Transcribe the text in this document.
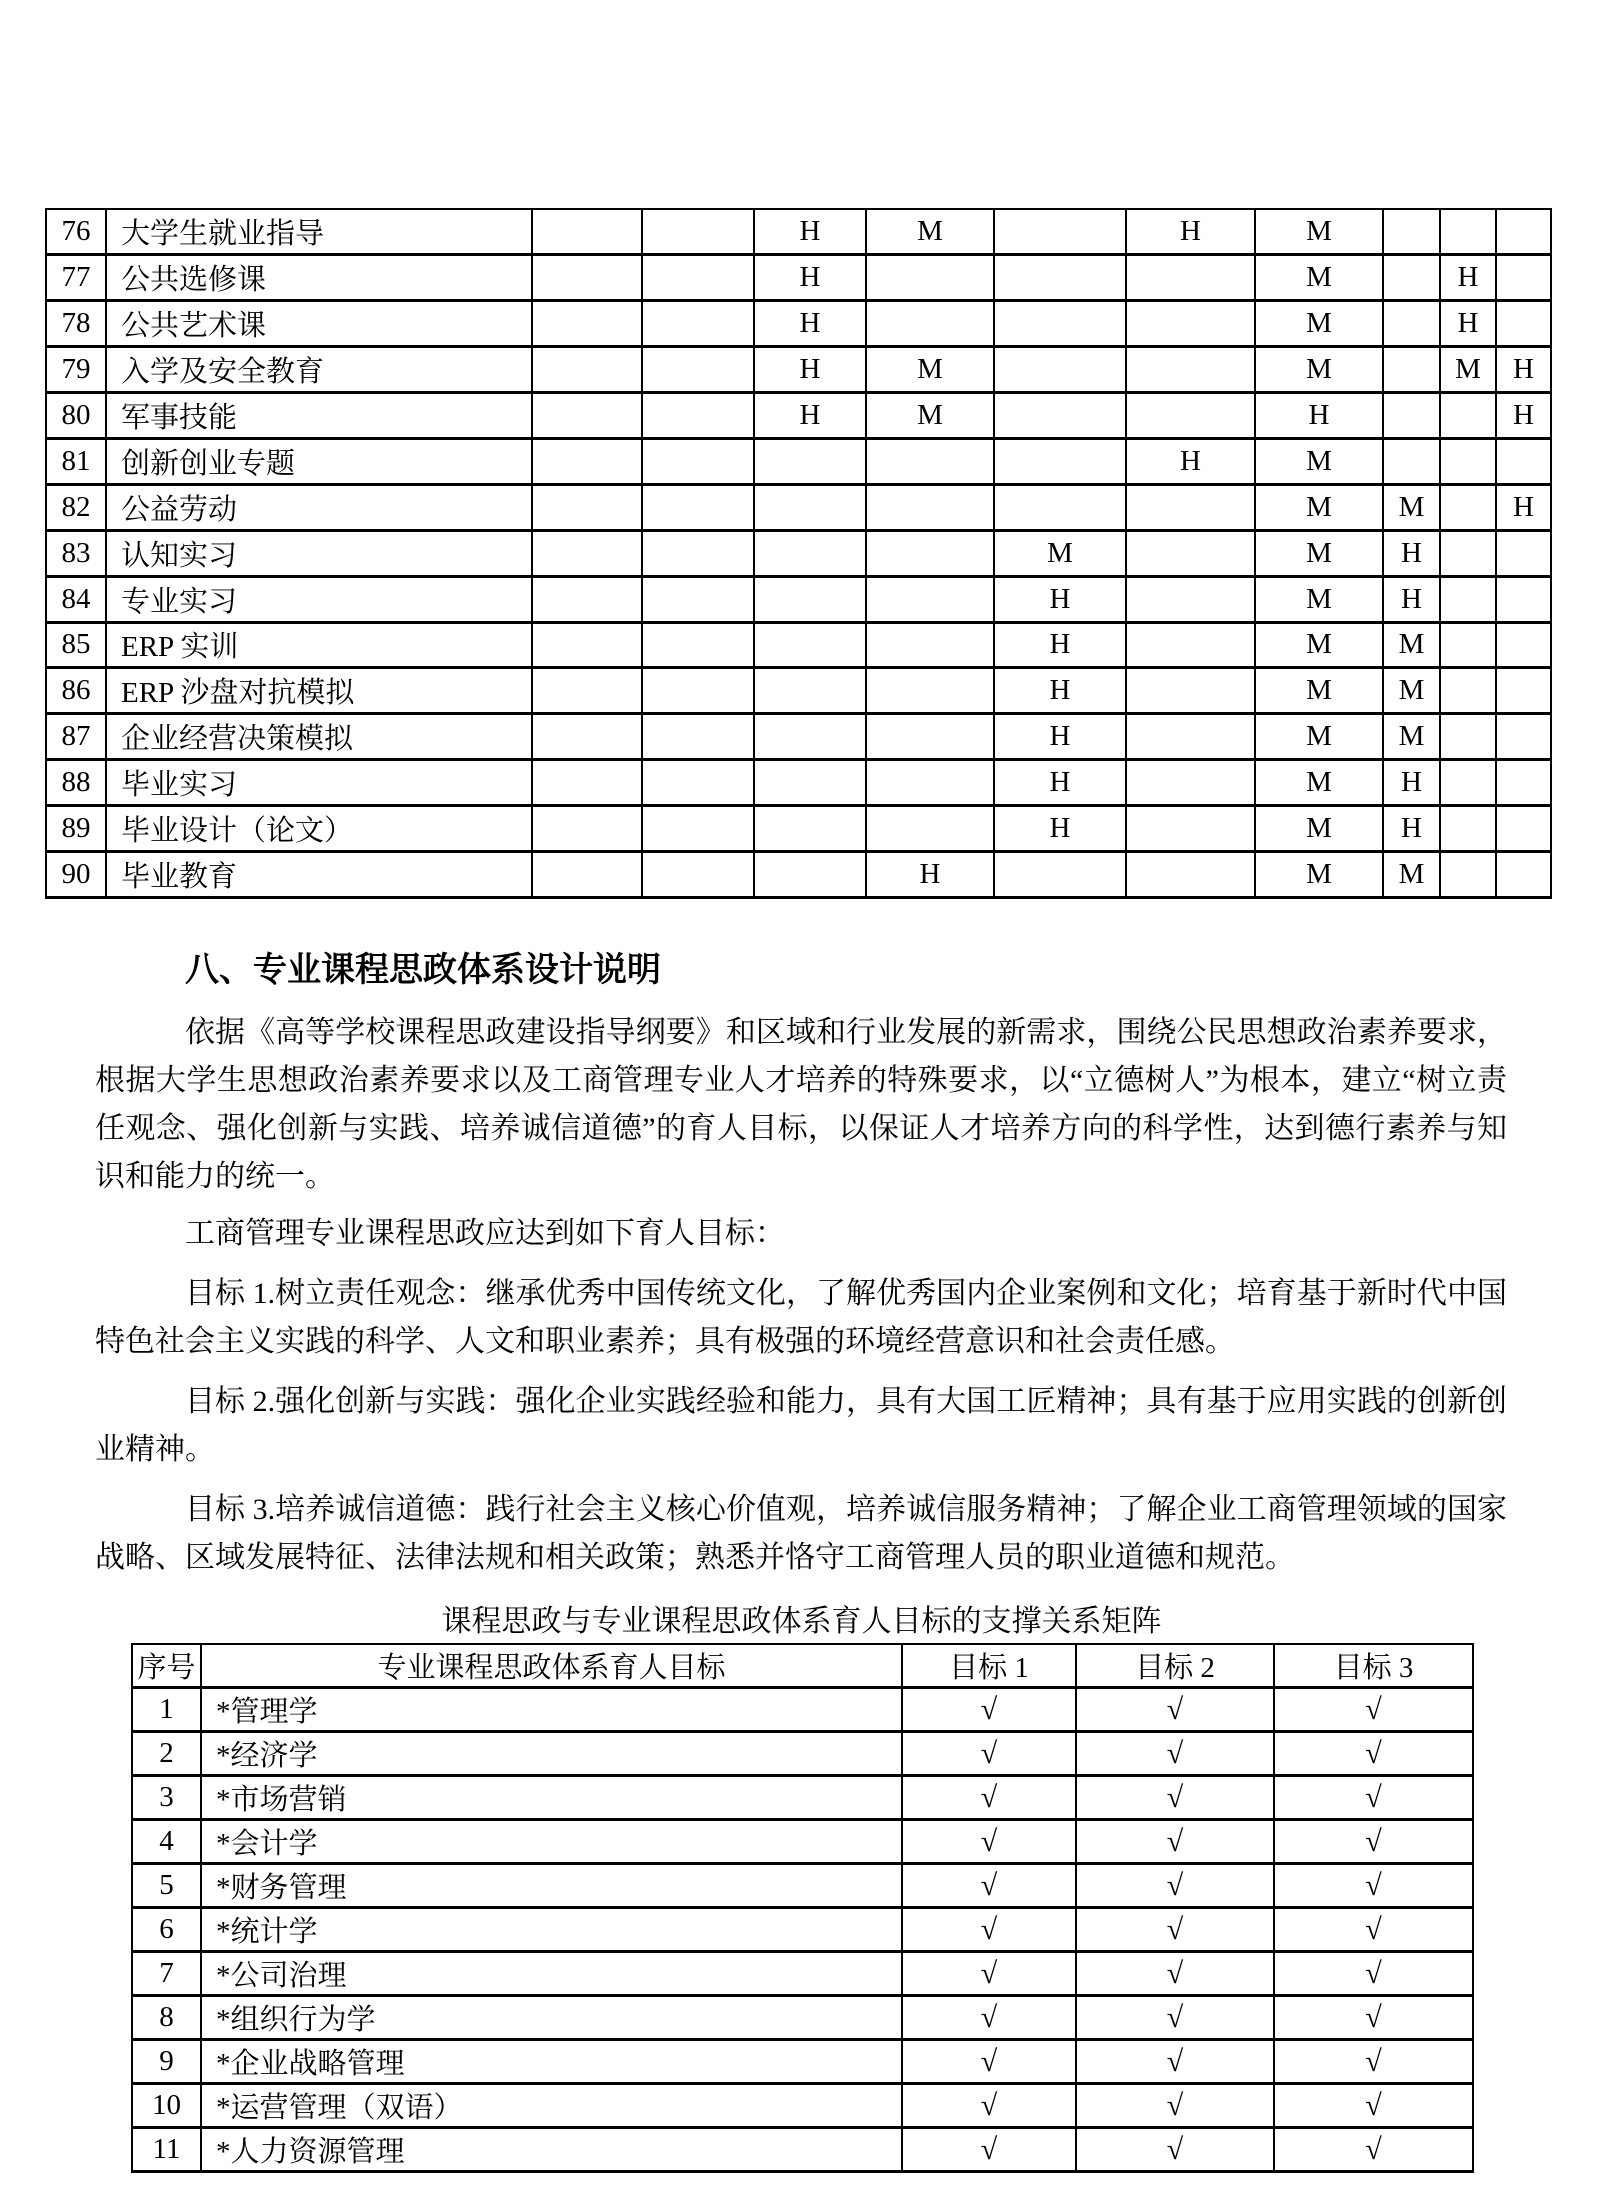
76	大学生就业指导			H	M		H	M			
77	公共选修课			H				M		H	
78	公共艺术课			H				M		H	
79	入学及安全教育			H	M			M		M	H
80	军事技能			H	M			H			H
81	创新创业专题						H	M			
82	公益劳动							M	M		H
83	认知实习					M		M	H		
84	专业实习					H		M	H		
85	ERP 实训					H		M	M		
86	ERP 沙盘对抗模拟					H		M	M		
87	企业经营决策模拟					H		M	M		
88	毕业实习					H		M	H		
89	毕业设计（论文）					H		M	H		
90	毕业教育				H			M	M		
八、专业课程思政体系设计说明
依据《高等学校课程思政建设指导纲要》和区域和行业发展的新需求，围绕公民思想政治素养要求，根据大学生思想政治素养要求以及工商管理专业人才培养的特殊要求，以“立德树人”为根本，建立“树立责任观念、强化创新与实践、培养诚信道德”的育人目标，以保证人才培养方向的科学性，达到德行素养与知识和能力的统一。
工商管理专业课程思政应达到如下育人目标：
目标 1.树立责任观念：继承优秀中国传统文化，了解优秀国内企业案例和文化；培育基于新时代中国特色社会主义实践的科学、人文和职业素养；具有极强的环境经营意识和社会责任感。
目标 2.强化创新与实践：强化企业实践经验和能力，具有大国工匠精神；具有基于应用实践的创新创业精神。
目标 3.培养诚信道德：践行社会主义核心价值观，培养诚信服务精神；了解企业工商管理领域的国家战略、区域发展特征、法律法规和相关政策；熟悉并恪守工商管理人员的职业道德和规范。
课程思政与专业课程思政体系育人目标的支撑关系矩阵
序号	专业课程思政体系育人目标	目标 1	目标 2	目标 3
1	*管理学	√	√	√
2	*经济学	√	√	√
3	*市场营销	√	√	√
4	*会计学	√	√	√
5	*财务管理	√	√	√
6	*统计学	√	√	√
7	*公司治理	√	√	√
8	*组织行为学	√	√	√
9	*企业战略管理	√	√	√
10	*运营管理（双语）	√	√	√
11	*人力资源管理	√	√	√
